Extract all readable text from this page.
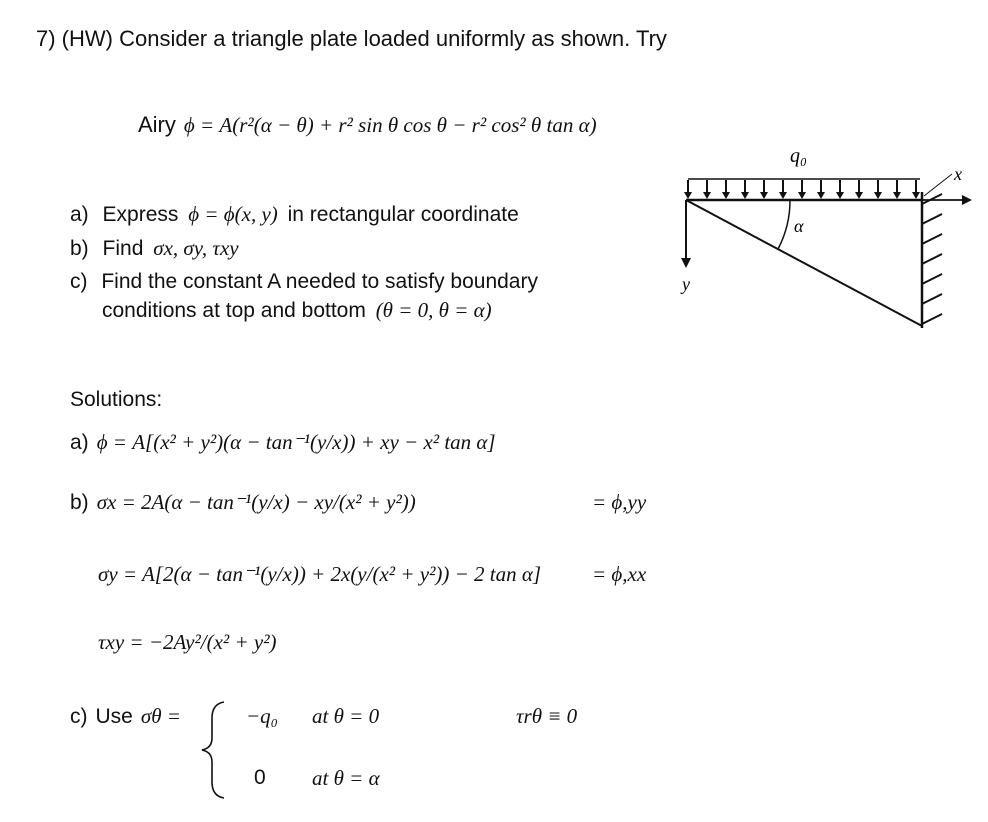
7) (HW) Consider a triangle plate loaded uniformly as shown. Try
Airy ϕ = A(r²(α − θ) + r² sin θ cos θ − r² cos² θ tan α)
a) Express ϕ = ϕ(x, y) in rectangular coordinate
b) Find σx, σy, τxy
c) Find the constant A needed to satisfy boundary
conditions at top and bottom (θ = 0, θ = α)
q₀
α
x
y
Solutions:
a) ϕ = A[(x² + y²)(α − tan⁻¹(y/x)) + xy − x² tan α]
b) σx = 2A(α − tan⁻¹(y/x) − xy/(x² + y²))	= ϕ,yy
σy = A[2(α − tan⁻¹(y/x)) + 2x(y/(x² + y²)) − 2 tan α] = ϕ,xx
τxy = −2Ay²/(x² + y²)
c) Use σθ =	−q₀ at θ = 0	τrθ ≡ 0
0 at θ = α
